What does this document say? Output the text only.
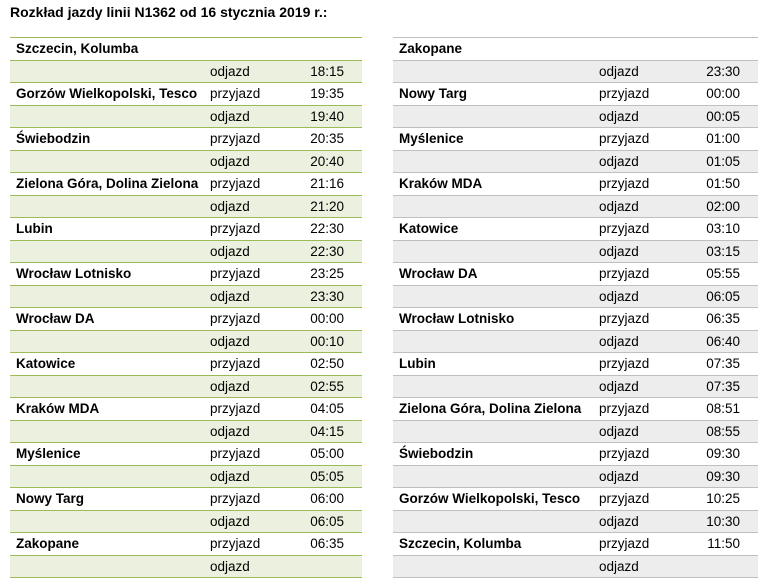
Rozkład jazdy linii N1362 od 16 stycznia 2019 r.:
Szczecin, Kolumba		
	odjazd	18:15
Gorzów Wielkopolski, Tesco	przyjazd	19:35
	odjazd	19:40
Świebodzin	przyjazd	20:35
	odjazd	20:40
Zielona Góra, Dolina Zielona	przyjazd	21:16
	odjazd	21:20
Lubin	przyjazd	22:30
	odjazd	22:30
Wrocław Lotnisko	przyjazd	23:25
	odjazd	23:30
Wrocław DA	przyjazd	00:00
	odjazd	00:10
Katowice	przyjazd	02:50
	odjazd	02:55
Kraków MDA	przyjazd	04:05
	odjazd	04:15
Myślenice	przyjazd	05:00
	odjazd	05:05
Nowy Targ	przyjazd	06:00
	odjazd	06:05
Zakopane	przyjazd	06:35
	odjazd	
Zakopane		
	odjazd	23:30
Nowy Targ	przyjazd	00:00
	odjazd	00:05
Myślenice	przyjazd	01:00
	odjazd	01:05
Kraków MDA	przyjazd	01:50
	odjazd	02:00
Katowice	przyjazd	03:10
	odjazd	03:15
Wrocław DA	przyjazd	05:55
	odjazd	06:05
Wrocław Lotnisko	przyjazd	06:35
	odjazd	06:40
Lubin	przyjazd	07:35
	odjazd	07:35
Zielona Góra, Dolina Zielona	przyjazd	08:51
	odjazd	08:55
Świebodzin	przyjazd	09:30
	odjazd	09:30
Gorzów Wielkopolski, Tesco	przyjazd	10:25
	odjazd	10:30
Szczecin, Kolumba	przyjazd	11:50
	odjazd	
